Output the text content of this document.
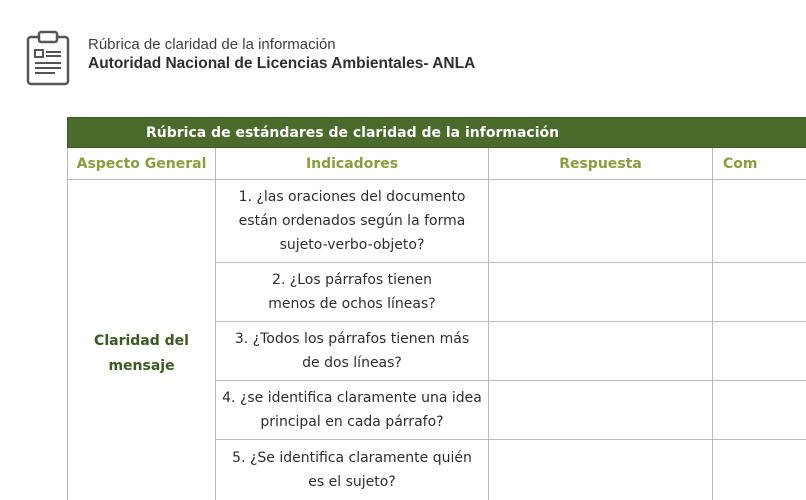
Rúbrica de claridad de la información
Autoridad Nacional de Licencias Ambientales- ANLA
Rúbrica de estándares de claridad de la información			
Aspecto General	Indicadores	Respuesta	Com
Claridad del mensaje	1. ¿las oraciones del documento están ordenados según la forma sujeto-verbo-objeto?		

	2. ¿Los párrafos tienen menos de ochos líneas?		

	3. ¿Todos los párrafos tienen más de dos líneas?		

	4. ¿se identifica claramente una idea principal en cada párrafo?		

	5. ¿Se identifica claramente quién es el sujeto?		
